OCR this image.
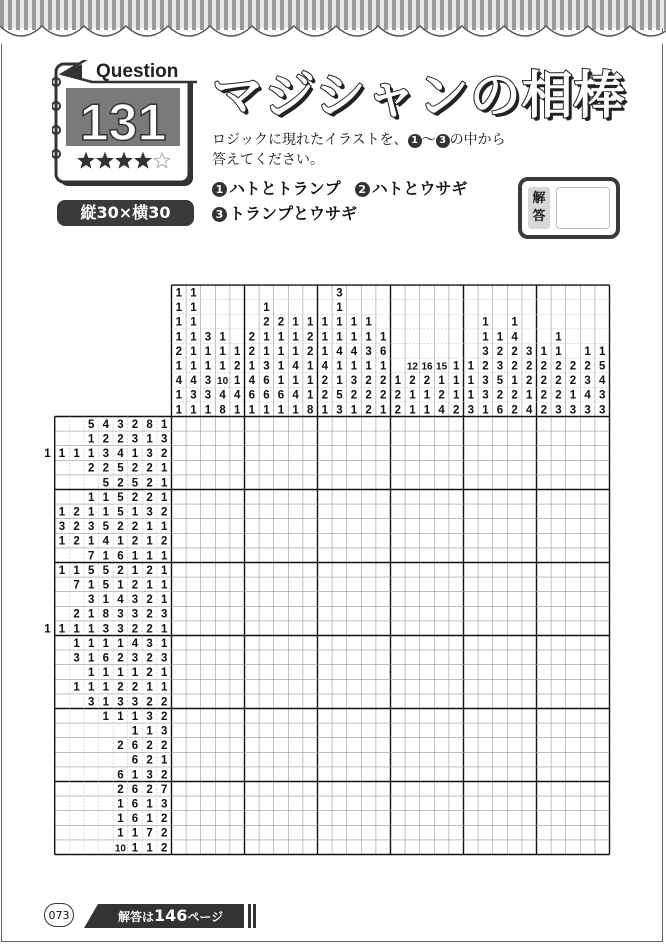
Question
131
縦30×横30
マジシャンの相棒
ロジックに現れたイラストを、 1 〜 3 の中から
答えてください。
1 ハトとトランプ 2 ハトとウサギ
3 トランプとウサギ
解答
1
1
1
1
2
1
4
1
1
1
1
1
1
1
1
4
3
1
3
1
1
3
3
1
1
1
1
10
4
8
1
2
1
4
1
2
2
1
4
6
1
1
2
1
1
3
6
6
1
2
1
1
1
1
6
1
1
1
1
4
1
4
1
1
2
2
1
1
1
8
1
1
1
4
2
2
1
3
1
1
1
4
1
1
5
3
1
1
4
1
3
2
1
1
1
3
1
2
2
2
1
6
1
2
2
1
1
2
2
12
2
1
1
16
2
1
1
15
1
2
4
1
1
1
2
1
1
1
3
1
1
3
2
3
3
1
1
2
3
5
2
6
1
4
2
2
1
2
2
3
2
2
1
4
1
2
2
2
2
1
1
2
2
2
3
2
2
1
3
1
2
3
4
3
1
5
4
3
3
5 4 3 2 8 1
1 2 2 3 1 3
1 1 1 1 3 4 1 3 2
2 2 5 2 2 1
5 2 5 2 1
1 1 5 2 2 1
1 2 1 1 5 1 3 2
3 2 3 5 2 2 1 1
1 2 1 4 1 2 1 2
7 1 6 1 1 1
1 1 5 5 2 1 2 1
7 1 5 1 2 1 1
3 1 4 3 2 1
2 1 8 3 3 2 3
1 1 1 1 3 3 2 2 1
1 1 1 1 4 3 1
3 1 6 2 3 2 3
1 1 1 1 2 1
1 1 1 2 2 1 1
3 1 3 3 2 2
1 1 1 3 2
1 1 3
2 6 2 2
6 2 1
6 1 3 2
2 6 2 7
1 6 1 3
1 6 1 2
1 1 7 2
10 1 1 2
073	解答は146ページ
